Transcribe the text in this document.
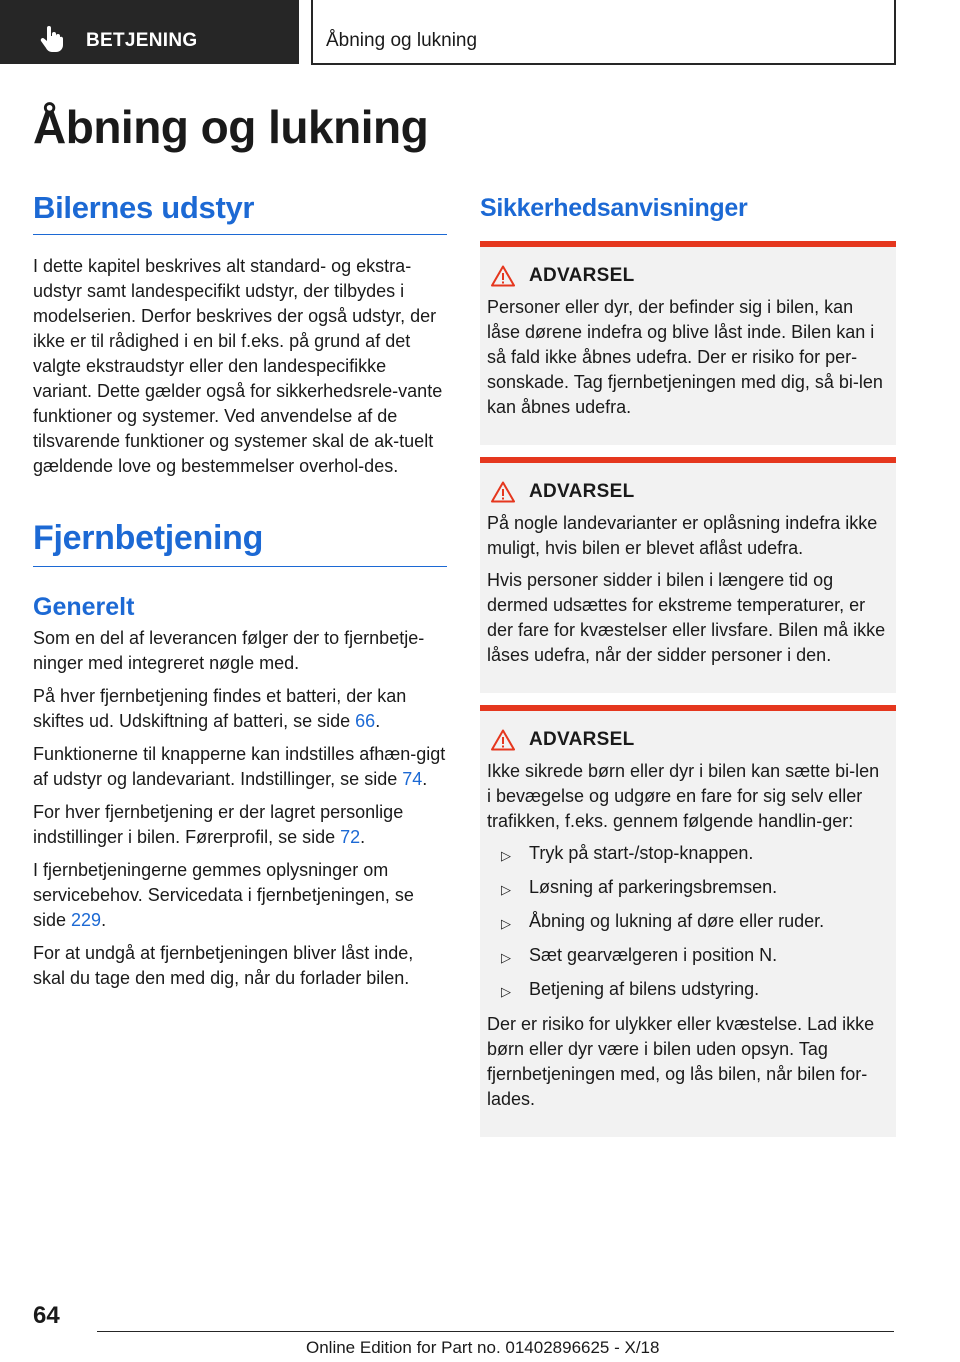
BETJENING	Åbning og lukning
Åbning og lukning
Bilernes udstyr

I dette kapitel beskrives alt standard- og ekstra-udstyr samt landespecifikt udstyr, der tilbydes i modelserien. Derfor beskrives der også udstyr, der ikke er til rådighed i en bil f.eks. på grund af det valgte ekstraudstyr eller den landespecifikke variant. Dette gælder også for sikkerhedsrele-vante funktioner og systemer. Ved anvendelse af de tilsvarende funktioner og systemer skal de ak-tuelt gældende love og bestemmelser overhol-des.

Fjernbetjening
Generelt

Som en del af leverancen følger der to fjernbetje-ninger med integreret nøgle med.

På hver fjernbetjening findes et batteri, der kan skiftes ud. Udskiftning af batteri, se side 66.

Funktionerne til knapperne kan indstilles afhæn-gigt af udstyr og landevariant. Indstillinger, se side 74.

For hver fjernbetjening er der lagret personlige indstillinger i bilen. Førerprofil, se side 72.

I fjernbetjeningerne gemmes oplysninger om servicebehov. Servicedata i fjernbetjeningen, se side 229.

For at undgå at fjernbetjeningen bliver låst inde, skal du tage den med dig, når du forlader bilen.

Sikkerhedsanvisninger
ADVARSEL

Personer eller dyr, der befinder sig i bilen, kan låse dørene indefra og blive låst inde. Bilen kan i så fald ikke åbnes udefra. Der er risiko for per-sonskade. Tag fjernbetjeningen med dig, så bi-len kan åbnes udefra.

ADVARSEL

På nogle landevarianter er oplåsning indefra ikke muligt, hvis bilen er blevet aflåst udefra.

Hvis personer sidder i bilen i længere tid og dermed udsættes for ekstreme temperaturer, er der fare for kvæstelser eller livsfare. Bilen må ikke låses udefra, når der sidder personer i den.

ADVARSEL

Ikke sikrede børn eller dyr i bilen kan sætte bi-len i bevægelse og udgøre en fare for sig selv eller trafikken, f.eks. gennem følgende handlin-ger:

▷	Tryk på start-/stop-knappen.
▷	Løsning af parkeringsbremsen.
▷	Åbning og lukning af døre eller ruder.
▷	Sæt gearvælgeren i position N.
▷	Betjening af bilens udstyring.

Der er risiko for ulykker eller kvæstelse. Lad ikke børn eller dyr være i bilen uden opsyn. Tag fjernbetjeningen med, og lås bilen, når bilen for-lades.

64
Online Edition for Part no. 01402896625 - X/18
